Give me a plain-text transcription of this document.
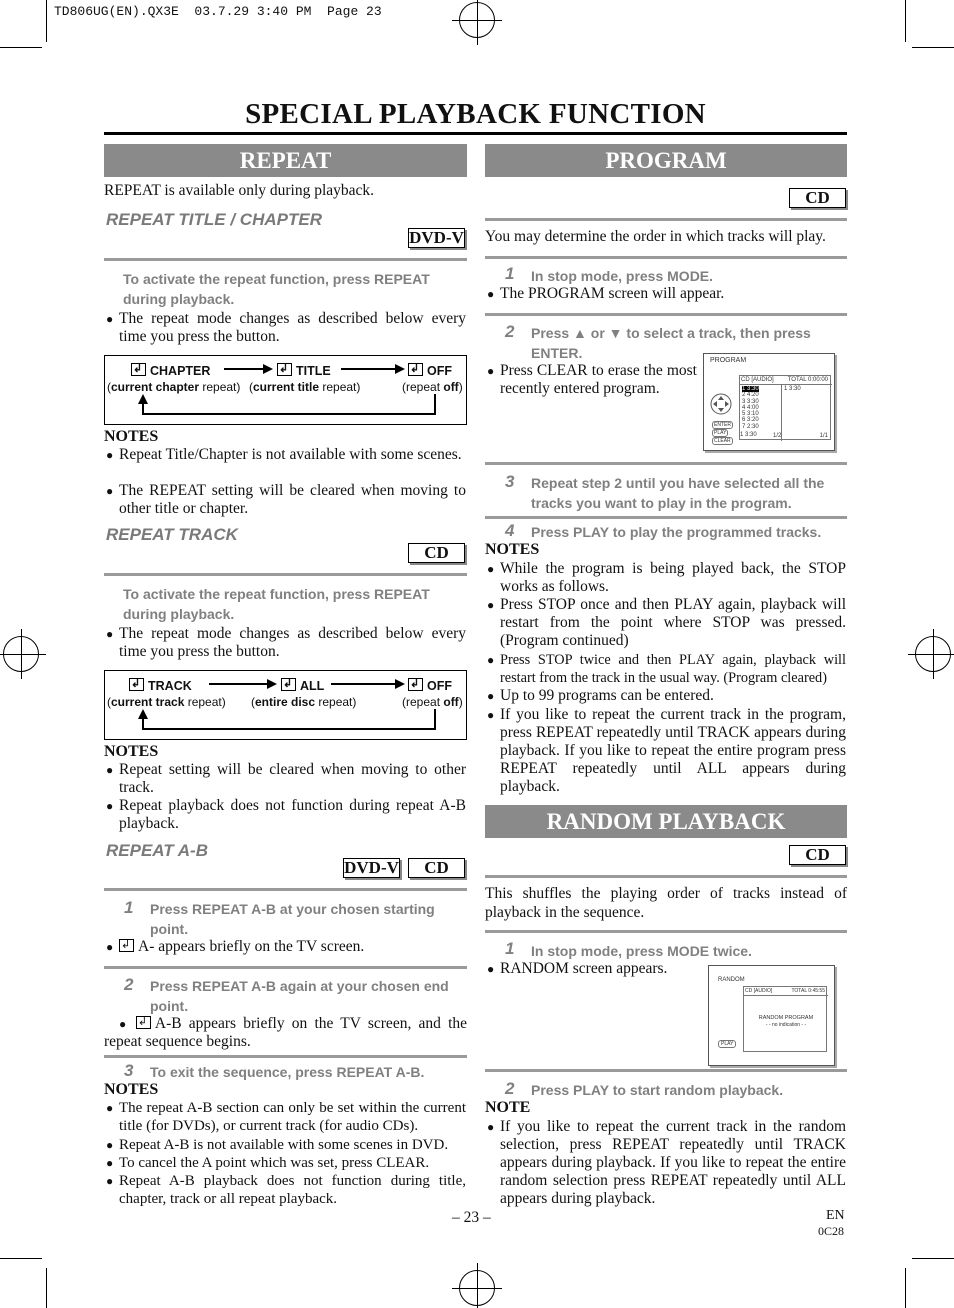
TD806UG(EN).QX3E  03.7.29 3:40 PM  Page 23
SPECIAL PLAYBACK FUNCTION
REPEAT
REPEAT is available only during playback.
REPEAT TITLE / CHAPTER
DVD-V
To activate the repeat function, press REPEAT during playback.
● The repeat mode changes as described below every time you press the button.
↲CHAPTER ↲	TITLE ↲	OFF
(current chapter repeat) (current title repeat)	(repeat off)
NOTES
● Repeat Title/Chapter is not available with some scenes.
● The REPEAT setting will be cleared when moving to other title or chapter.
REPEAT TRACK
CD
To activate the repeat function, press REPEAT during playback.
● The repeat mode changes as described below every time you press the button.
↲TRACK ↲	ALL ↲	OFF
(current track repeat) (entire disc repeat)	(repeat off)
NOTES
● Repeat setting will be cleared when moving to other track.
● Repeat playback does not function during repeat A-B playback.
REPEAT A-B
DVD-V	CD
1 Press REPEAT A-B at your chosen starting point.
● ↲ A- appears briefly on the TV screen.
2 Press REPEAT A-B again at your chosen end point.
● ↲A-B appears briefly on the TV screen, and the repeat sequence begins.
3 To exit the sequence, press REPEAT A-B.
NOTES
● The repeat A-B section can only be set within the current title (for DVDs), or current track (for audio CDs).
● Repeat A-B is not available with some scenes in DVD.
● To cancel the A point which was set, press CLEAR.
● Repeat A-B playback does not function during title, chapter, track or all repeat playback.
PROGRAM
CD
You may determine the order in which tracks will play.
1 In stop mode, press MODE.
● The PROGRAM screen will appear.
2 Press ▲ or ▼ to select a track, then press ENTER.
● Press CLEAR to erase the most recently entered program.
PROGRAM
CD [AUDIO] TOTAL 0:00:00
1 3:30
2 4:20
3 3:30
4 4:00
5 3:10
6 3:20
7 2:30
1 3:30
1/2	1/1
1 3:30
ENTER
PLAY
CLEAR
3 Repeat step 2 until you have selected all the tracks you want to play in the program.
4 Press PLAY to play the programmed tracks.
NOTES
● While the program is being played back, the STOP works as follows.
● Press STOP once and then PLAY again, playback will restart from the point where STOP was pressed. (Program continued)
● Press STOP twice and then PLAY again, playback will restart from the track in the usual way. (Program cleared)
● Up to 99 programs can be entered.
● If you like to repeat the current track in the program, press REPEAT repeatedly until TRACK appears during playback. If you like to repeat the entire program press REPEAT repeatedly until ALL appears during playback.
RANDOM PLAYBACK
CD
This shuffles the playing order of tracks instead of playback in the sequence.
1 In stop mode, press MODE twice.
● RANDOM screen appears.
RANDOM
CD [AUDIO]	TOTAL 0:45:55
RANDOM PROGRAM
- - no indication - -
PLAY
2 Press PLAY to start random playback.
NOTE
● If you like to repeat the current track in the random selection, press REPEAT repeatedly until TRACK appears during playback. If you like to repeat the entire random selection press REPEAT repeatedly until ALL appears during playback.
– 23 –	EN
0C28
